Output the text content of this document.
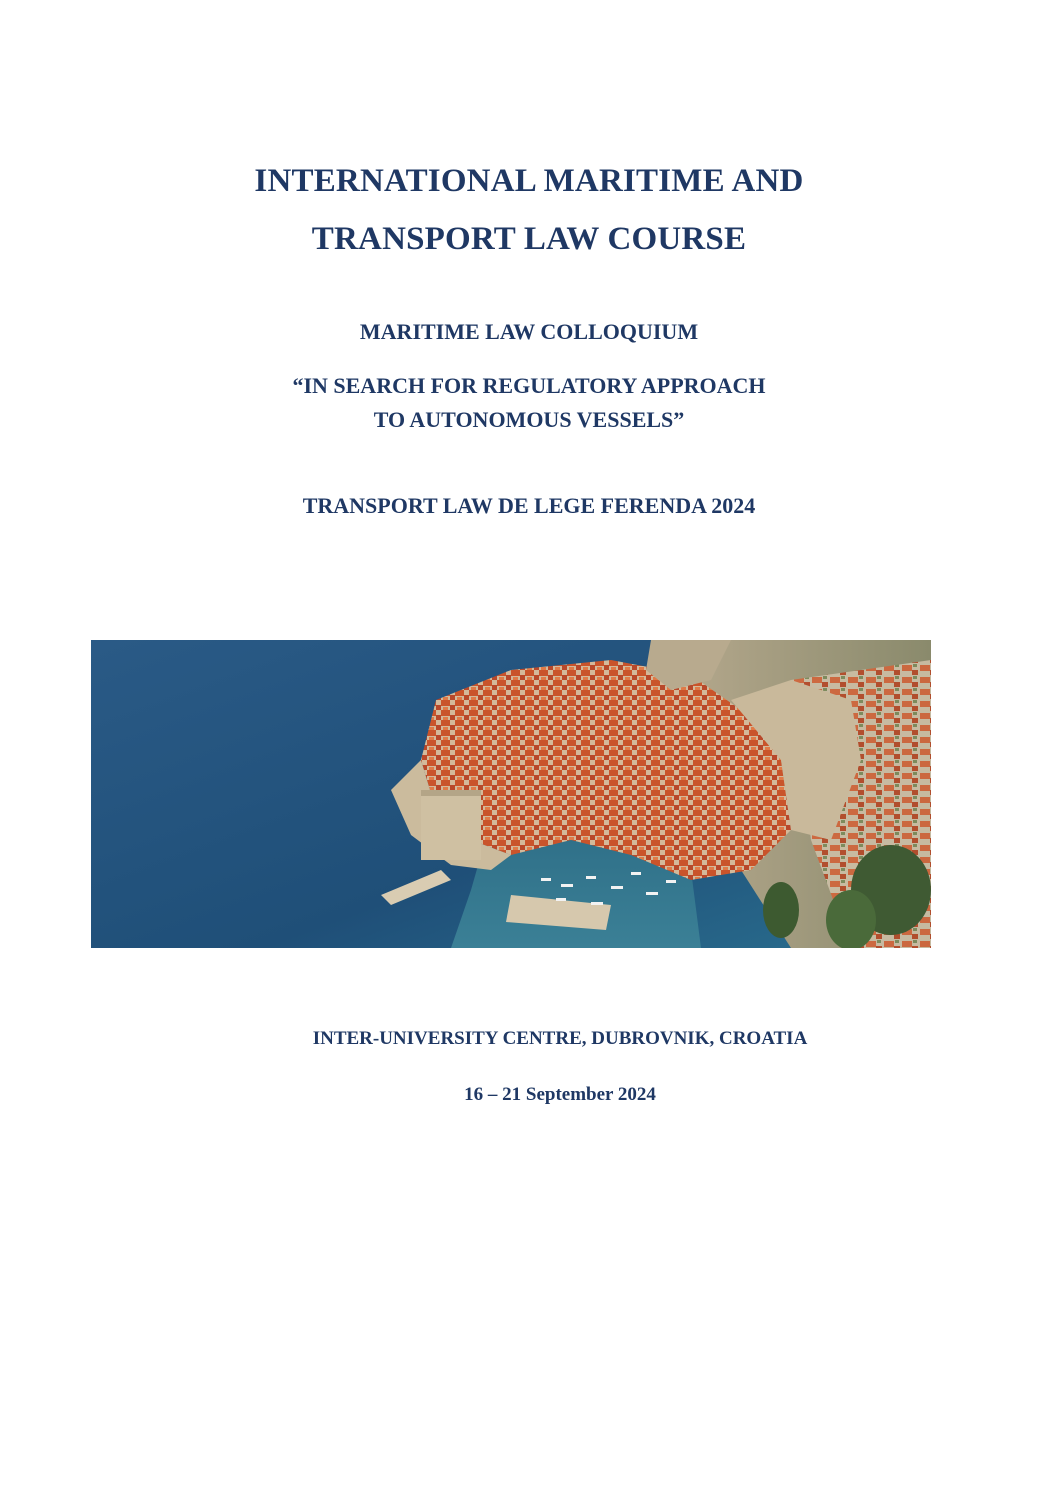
INTERNATIONAL MARITIME AND
TRANSPORT LAW COURSE
MARITIME LAW COLLOQUIUM
“IN SEARCH FOR REGULATORY APPROACH
TO AUTONOMOUS VESSELS”
TRANSPORT LAW DE LEGE FERENDA 2024
INTER-UNIVERSITY CENTRE, DUBROVNIK, CROATIA
16 – 21 September 2024
